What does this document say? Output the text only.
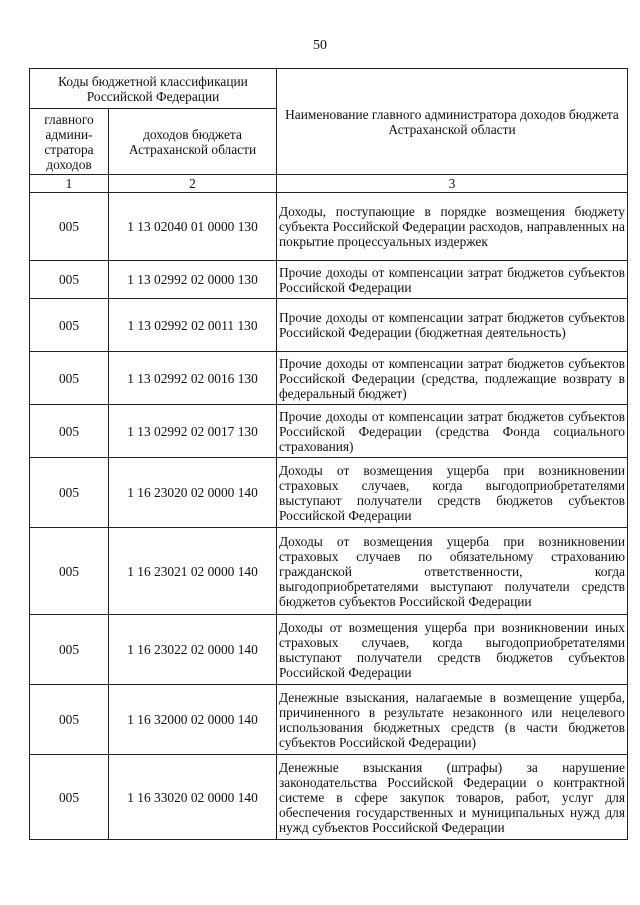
50
Коды бюджетной классификации Российской Федерации		Наименование главного администратора доходов бюджета Астраханской области
главного админи-стратора доходов	доходов бюджета Астраханской области	
1	2	3
005	1 13 02040 01 0000 130	Доходы, поступающие в порядке возмещения бюджету субъекта Российской Федерации расходов, направленных на покрытие процессуальных издержек
005	1 13 02992 02 0000 130	Прочие доходы от компенсации затрат бюджетов субъектов Российской Федерации
005	1 13 02992 02 0011 130	Прочие доходы от компенсации затрат бюджетов субъектов Российской Федерации (бюджетная деятельность)
005	1 13 02992 02 0016 130	Прочие доходы от компенсации затрат бюджетов субъектов Российской Федерации (средства, подлежащие возврату в федеральный бюджет)
005	1 13 02992 02 0017 130	Прочие доходы от компенсации затрат бюджетов субъектов Российской Федерации (средства Фонда социального страхования)
005	1 16 23020 02 0000 140	Доходы от возмещения ущерба при возникновении страховых случаев, когда выгодоприобретателями выступают получатели средств бюджетов субъектов Российской Федерации
005	1 16 23021 02 0000 140	Доходы от возмещения ущерба при возникновении страховых случаев по обязательному страхованию гражданской ответственности, когда выгодоприобретателями выступают получатели средств бюджетов субъектов Российской Федерации
005	1 16 23022 02 0000 140	Доходы от возмещения ущерба при возникновении иных страховых случаев, когда выгодоприобретателями выступают получатели средств бюджетов субъектов Российской Федерации
005	1 16 32000 02 0000 140	Денежные взыскания, налагаемые в возмещение ущерба, причиненного в результате незаконного или нецелевого использования бюджетных средств (в части бюджетов субъектов Российской Федерации)
005	1 16 33020 02 0000 140	Денежные взыскания (штрафы) за нарушение законодательства Российской Федерации о контрактной системе в сфере закупок товаров, работ, услуг для обеспечения государственных и муниципальных нужд для нужд субъектов Российской Федерации
